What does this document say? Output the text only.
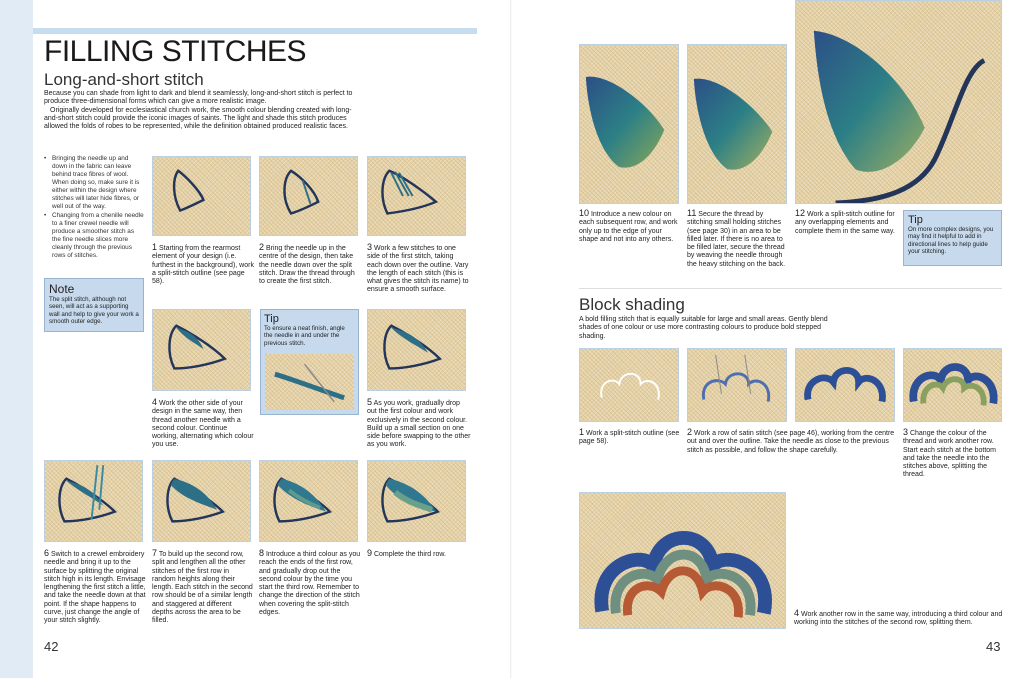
FILLING STITCHES
Long-and-short stitch

Because you can shade from light to dark and blend it seamlessly, long-and-short stitch is perfect to produce three-dimensional forms which can give a more realistic image.

Originally developed for ecclesiastical church work, the smooth colour blending created with long-and-short stitch could provide the iconic images of saints. The light and shade this stitch produces allowed the folds of robes to be represented, while the definition obtained produced realistic faces.

• Bringing the needle up and down in the fabric can leave behind trace fibres of wool. When doing so, make sure it is either within the design where stitches will later hide fibres, or well out of the way.
• Changing from a chenille needle to a finer crewel needle will produce a smoother stitch as the fine needle slices more cleanly through the previous rows of stitches.
Note
The split stitch, although not seen, will act as a supporting wall and help to give your work a smooth outer edge.
1 Starting from the rearmost element of your design (i.e. furthest in the background), work a split-stitch outline (see page 58).
2 Bring the needle up in the centre of the design, then take the needle down over the split stitch. Draw the thread through to create the first stitch.
3 Work a few stitches to one side of the first stitch, taking each down over the outline. Vary the length of each stitch (this is what gives the stitch its name) to ensure a smooth surface.
Tip
To ensure a neat finish, angle the needle in and under the previous stitch.
4 Work the other side of your design in the same way, then thread another needle with a second colour. Continue working, alternating which colour you use.
5 As you work, gradually drop out the first colour and work exclusively in the second colour. Build up a small section on one side before swapping to the other as you work.
6 Switch to a crewel embroidery needle and bring it up to the surface by splitting the original stitch high in its length. Envisage lengthening the first stitch a little, and take the needle down at that point. If the shape happens to curve, just change the angle of your stitch slightly.
7 To build up the second row, split and lengthen all the other stitches of the first row in random heights along their length. Each stitch in the second row should be of a similar length and staggered at different depths across the area to be filled.
8 Introduce a third colour as you reach the ends of the first row, and gradually drop out the second colour by the time you start the third row. Remember to change the direction of the stitch when covering the split-stitch edges.
9 Complete the third row.
42
10 Introduce a new colour on each subsequent row, and work only up to the edge of your shape and not into any others.
11 Secure the thread by stitching small holding stitches (see page 30) in an area to be filled later. If there is no area to be filled later, secure the thread by weaving the needle through the heavy stitching on the back.
12 Work a split-stitch outline for any overlapping elements and complete them in the same way.
Tip
On more complex designs, you may find it helpful to add in directional lines to help guide your stitching.
Block shading
A bold filling stitch that is equally suitable for large and small areas. Gently blend shades of one colour or use more contrasting colours to produce bold stepped shading.
1 Work a split-stitch outline (see page 58).
2 Work a row of satin stitch (see page 46), working from the centre out and over the outline. Take the needle as close to the previous stitch as possible, and follow the shape carefully.
3 Change the colour of the thread and work another row. Start each stitch at the bottom and take the needle into the stitches above, splitting the thread.
4 Work another row in the same way, introducing a third colour and working into the stitches of the second row, splitting them.
43
